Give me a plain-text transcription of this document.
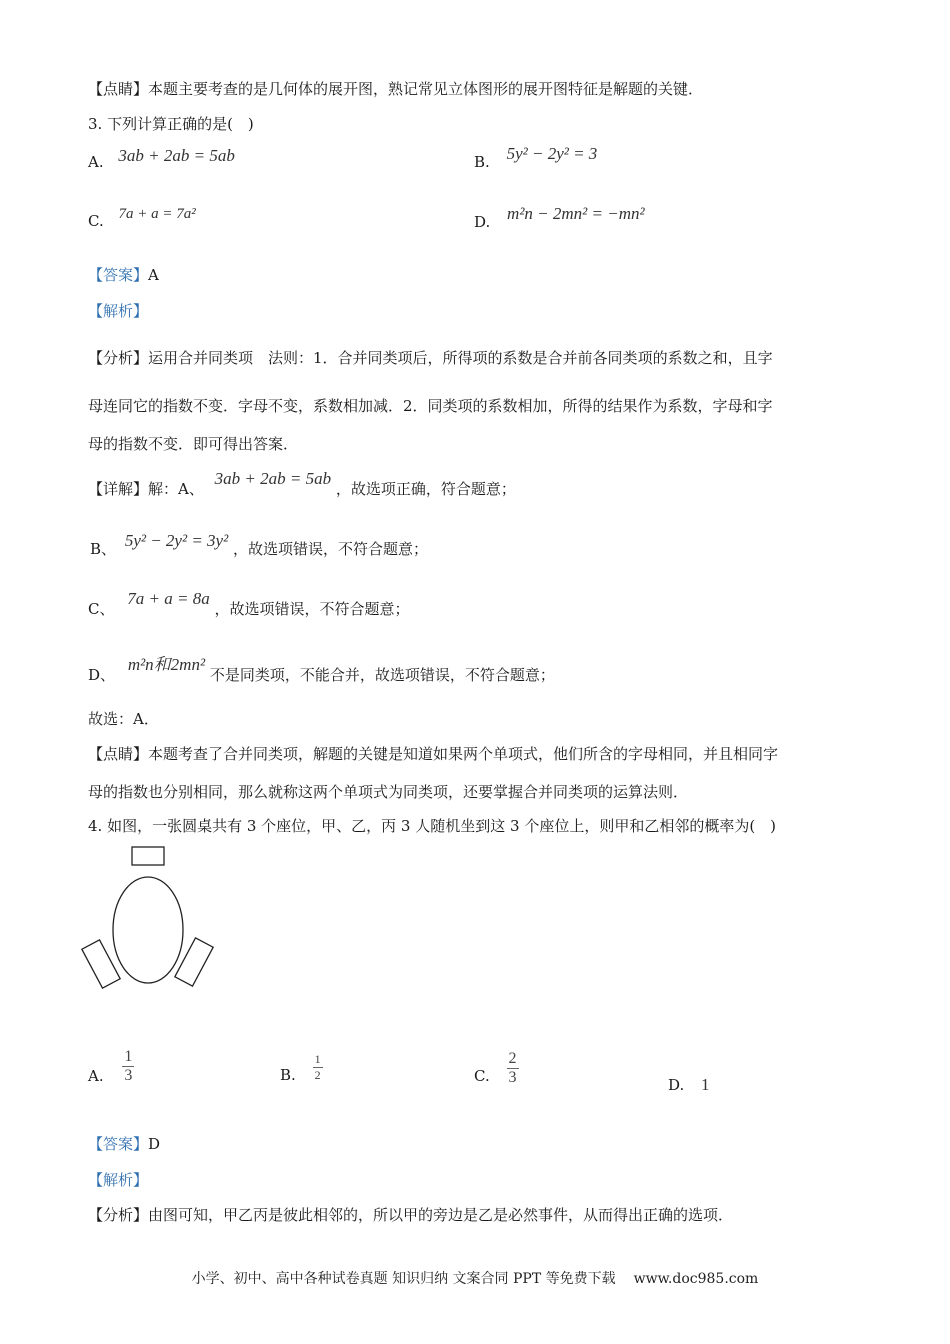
【点睛】本题主要考查的是几何体的展开图，熟记常见立体图形的展开图特征是解题的关键．
3. 下列计算正确的是(　)
A. 3ab + 2ab = 5ab	B. 5y² − 2y² = 3
C. 7a + a = 7a²	D. m²n − 2mn² = −mn²
【答案】A
【解析】
【分析】运用合并同类项　法则：1．合并同类项后，所得项的系数是合并前各同类项的系数之和，且字
母连同它的指数不变．字母不变，系数相加减．2．同类项的系数相加，所得的结果作为系数，字母和字
母的指数不变．即可得出答案．
【详解】解：A、 3ab + 2ab = 5ab ，故选项正确，符合题意；
B、 5y² − 2y² = 3y² ，故选项错误，不符合题意；
C、 7a + a = 8a ，故选项错误，不符合题意；
D、 m²n和2mn² 不是同类项，不能合并，故选项错误，不符合题意；
故选：A．
【点睛】本题考查了合并同类项，解题的关键是知道如果两个单项式，他们所含的字母相同，并且相同字
母的指数也分别相同，那么就称这两个单项式为同类项，还要掌握合并同类项的运算法则．
4. 如图，一张圆桌共有 3 个座位，甲、乙，丙 3 人随机坐到这 3 个座位上，则甲和乙相邻的概率为(　)
A. $\frac{1}{3}$	B. $\frac{1}{2}$	C. $\frac{2}{3}$	D. 1
【答案】D
【解析】
【分析】由图可知，甲乙丙是彼此相邻的，所以甲的旁边是乙是必然事件，从而得出正确的选项．
小学、初中、高中各种试卷真题 知识归纳 文案合同 PPT 等免费下载 www.doc985.com
